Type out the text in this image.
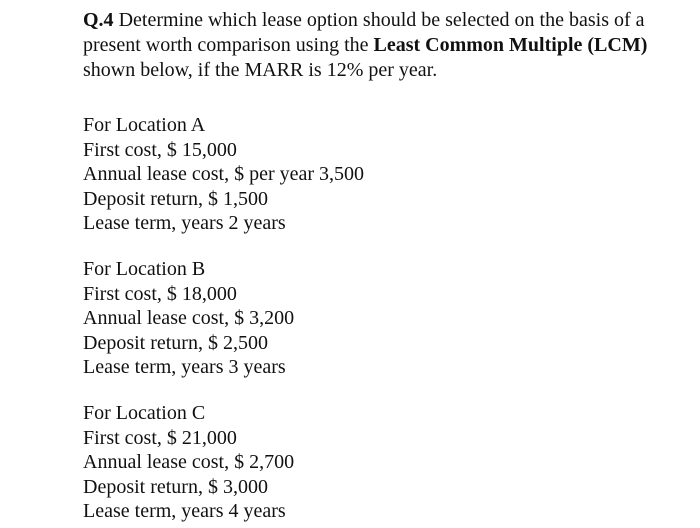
Q.4 Determine which lease option should be selected on the basis of a present worth comparison using the Least Common Multiple (LCM) shown below, if the MARR is 12% per year.

For Location A
First cost, $ 15,000
Annual lease cost, $ per year 3,500
Deposit return, $ 1,500
Lease term, years 2 years
For Location B
First cost, $ 18,000
Annual lease cost, $ 3,200
Deposit return, $ 2,500
Lease term, years 3 years
For Location C
First cost, $ 21,000
Annual lease cost, $ 2,700
Deposit return, $ 3,000
Lease term, years 4 years
